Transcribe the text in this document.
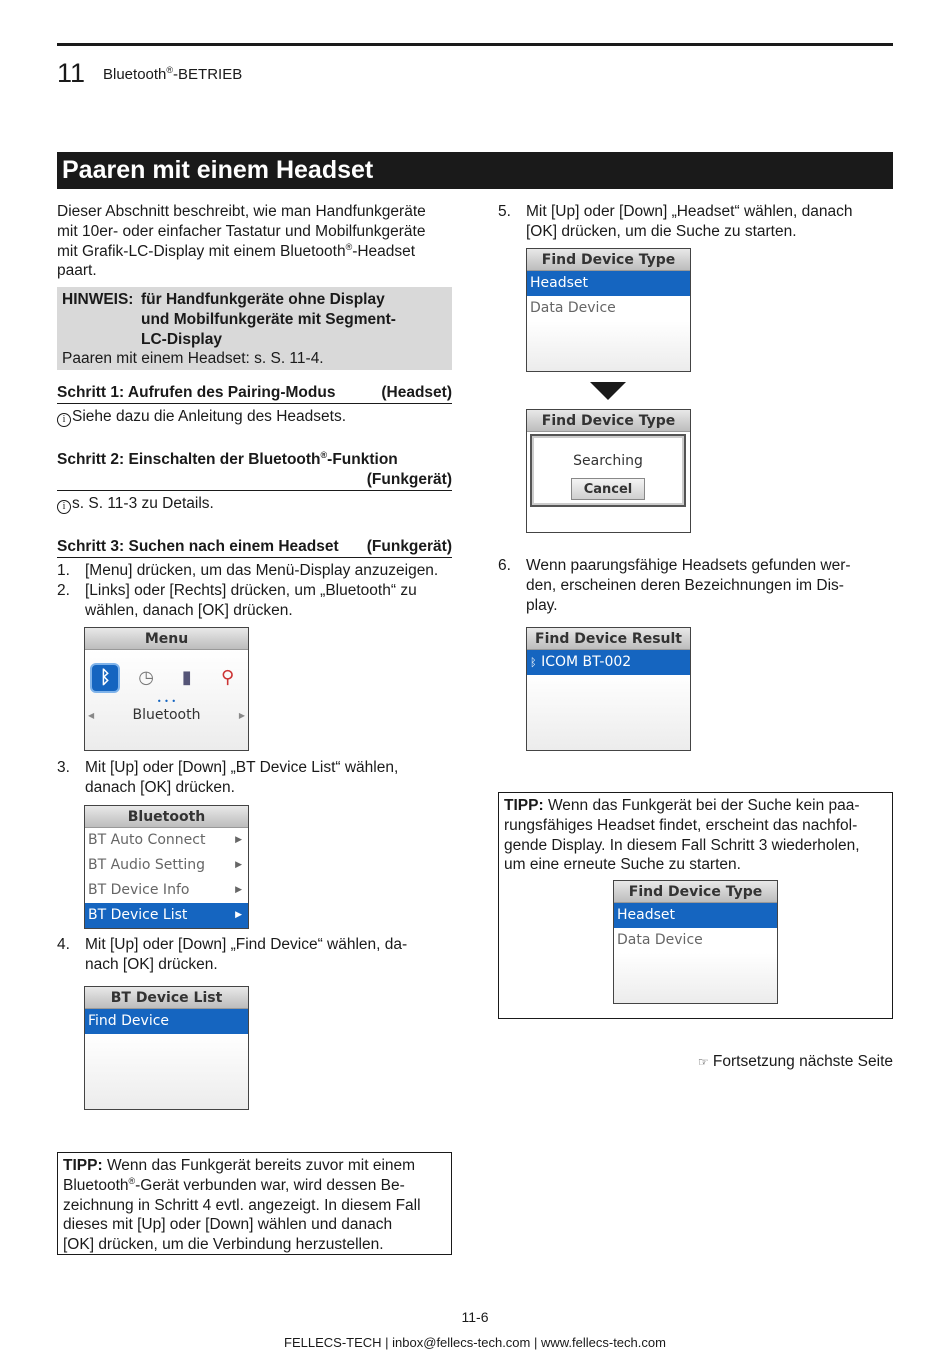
11 Bluetooth®-BETRIEB
Paaren mit einem Headset
Dieser Abschnitt beschreibt, wie man Handfunkgeräte
mit 10er- oder einfacher Tastatur und Mobilfunkgeräte
mit Grafik-LC-Display mit einem Bluetooth®-Headset
paart.
HINWEIS: für Handfunkgeräte ohne Display
und Mobilfunkgeräte mit Segment-
LC-Display
Paaren mit einem Headset: s. S. 11-4.
Schritt 1: Aufrufen des Pairing-Modus	(Headset)
i Siehe dazu die Anleitung des Headsets.
Schritt 2: Einschalten der Bluetooth®-Funktion
(Funkgerät)
i s. S. 11-3 zu Details.
Schritt 3: Suchen nach einem Headset (Funkgerät)
1. [Menu] drücken, um das Menü-Display anzuzeigen.
2. [Links] oder [Rechts] drücken, um „Bluetooth“ zu
wählen, danach [OK] drücken.
Menu
ᛒ	◷	▮	⚲
• • •
◀	Bluetooth	▶
3. Mit [Up] oder [Down] „BT Device List“ wählen,
danach [OK] drücken.
Bluetooth
BT Auto Connect	▶
BT Audio Setting	▶
BT Device Info	▶
BT Device List	▶
4. Mit [Up] oder [Down] „Find Device“ wählen, da-
nach [OK] drücken.
BT Device List
Find Device
TIPP: Wenn das Funkgerät bereits zuvor mit einem
Bluetooth®-Gerät verbunden war, wird dessen Be-
zeichnung in Schritt 4 evtl. angezeigt. In diesem Fall
dieses mit [Up] oder [Down] wählen und danach
[OK] drücken, um die Verbindung herzustellen.
5. Mit [Up] oder [Down] „Headset“ wählen, danach
[OK] drücken, um die Suche zu starten.
Find Device Type
Headset
Data Device
Find Device Type
Searching
Cancel
6. Wenn paarungsfähige Headsets gefunden wer-
den, erscheinen deren Bezeichnungen im Dis-
play.
Find Device Result
ᛒ ICOM BT-002
TIPP: Wenn das Funkgerät bei der Suche kein paa-
rungsfähiges Headset findet, erscheint das nachfol-
gende Display. In diesem Fall Schritt 3 wiederholen,
um eine erneute Suche zu starten.
Find Device Type
Headset
Data Device
☞ Fortsetzung nächste Seite
11-6
FELLECS-TECH | inbox@fellecs-tech.com | www.fellecs-tech.com
